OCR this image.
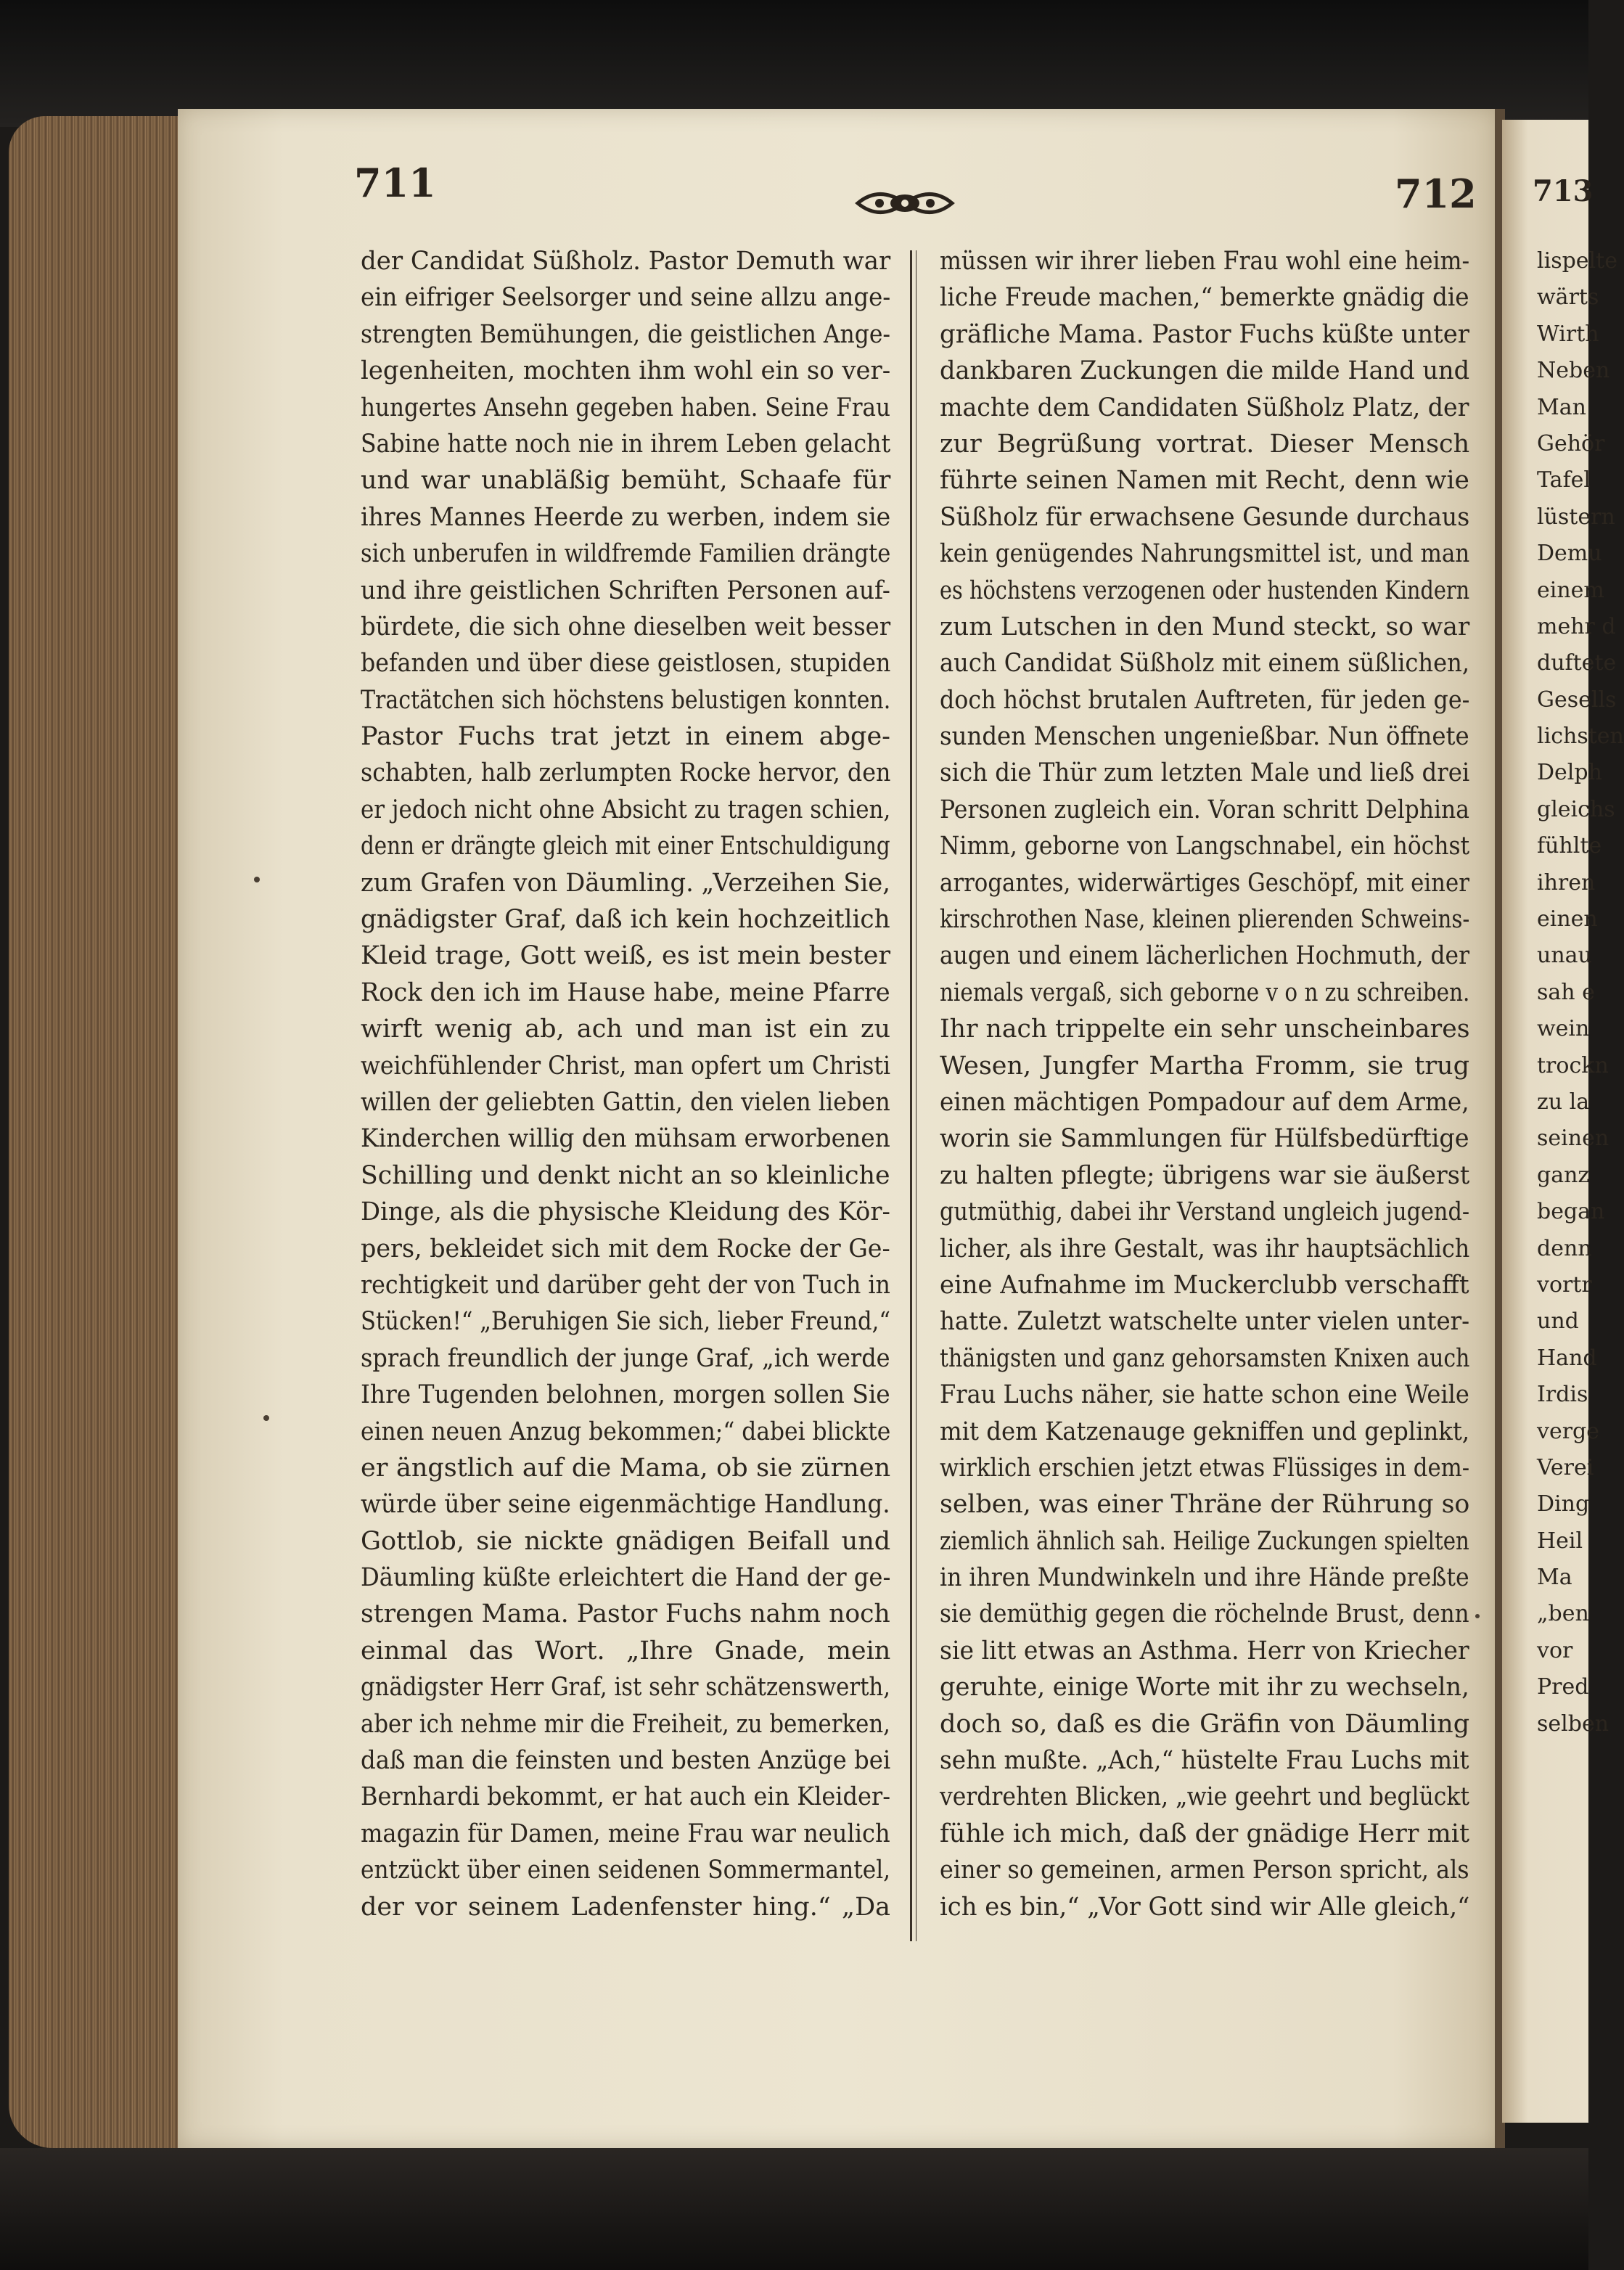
711	712 713
der Candidat Süßholz. Pastor Demuth war
ein eifriger Seelsorger und seine allzu ange-
strengten Bemühungen, die geistlichen Ange-
legenheiten, mochten ihm wohl ein so ver-
hungertes Ansehn gegeben haben. Seine Frau
Sabine hatte noch nie in ihrem Leben gelacht
und war unabläßig bemüht, Schaafe für
ihres Mannes Heerde zu werben, indem sie
sich unberufen in wildfremde Familien drängte
und ihre geistlichen Schriften Personen auf-
bürdete, die sich ohne dieselben weit besser
befanden und über diese geistlosen, stupiden
Tractätchen sich höchstens belustigen konnten.
Pastor Fuchs trat jetzt in einem abge-
schabten, halb zerlumpten Rocke hervor, den
er jedoch nicht ohne Absicht zu tragen schien,
denn er drängte gleich mit einer Entschuldigung
zum Grafen von Däumling. „Verzeihen Sie,
gnädigster Graf, daß ich kein hochzeitlich
Kleid trage, Gott weiß, es ist mein bester
Rock den ich im Hause habe, meine Pfarre
wirft wenig ab, ach und man ist ein zu
weichfühlender Christ, man opfert um Christi
willen der geliebten Gattin, den vielen lieben
Kinderchen willig den mühsam erworbenen
Schilling und denkt nicht an so kleinliche
Dinge, als die physische Kleidung des Kör-
pers, bekleidet sich mit dem Rocke der Ge-
rechtigkeit und darüber geht der von Tuch in
Stücken!“ „Beruhigen Sie sich, lieber Freund,“
sprach freundlich der junge Graf, „ich werde
Ihre Tugenden belohnen, morgen sollen Sie
einen neuen Anzug bekommen;“ dabei blickte
er ängstlich auf die Mama, ob sie zürnen
würde über seine eigenmächtige Handlung.
Gottlob, sie nickte gnädigen Beifall und
Däumling küßte erleichtert die Hand der ge-
strengen Mama. Pastor Fuchs nahm noch
einmal das Wort. „Ihre Gnade, mein
gnädigster Herr Graf, ist sehr schätzenswerth,
aber ich nehme mir die Freiheit, zu bemerken,
daß man die feinsten und besten Anzüge bei
Bernhardi bekommt, er hat auch ein Kleider-
magazin für Damen, meine Frau war neulich
entzückt über einen seidenen Sommermantel,
der vor seinem Ladenfenster hing.“ „Da
müssen wir ihrer lieben Frau wohl eine heim-
liche Freude machen,“ bemerkte gnädig die
gräfliche Mama. Pastor Fuchs küßte unter
dankbaren Zuckungen die milde Hand und
machte dem Candidaten Süßholz Platz, der
zur Begrüßung vortrat. Dieser Mensch
führte seinen Namen mit Recht, denn wie
Süßholz für erwachsene Gesunde durchaus
kein genügendes Nahrungsmittel ist, und man
es höchstens verzogenen oder hustenden Kindern
zum Lutschen in den Mund steckt, so war
auch Candidat Süßholz mit einem süßlichen,
doch höchst brutalen Auftreten, für jeden ge-
sunden Menschen ungenießbar. Nun öffnete
sich die Thür zum letzten Male und ließ drei
Personen zugleich ein. Voran schritt Delphina
Nimm, geborne von Langschnabel, ein höchst
arrogantes, widerwärtiges Geschöpf, mit einer
kirschrothen Nase, kleinen plierenden Schweins-
augen und einem lächerlichen Hochmuth, der
niemals vergaß, sich geborne v o n zu schreiben.
Ihr nach trippelte ein sehr unscheinbares
Wesen, Jungfer Martha Fromm, sie trug
einen mächtigen Pompadour auf dem Arme,
worin sie Sammlungen für Hülfsbedürftige
zu halten pflegte; übrigens war sie äußerst
gutmüthig, dabei ihr Verstand ungleich jugend-
licher, als ihre Gestalt, was ihr hauptsächlich
eine Aufnahme im Muckerclubb verschafft
hatte. Zuletzt watschelte unter vielen unter-
thänigsten und ganz gehorsamsten Knixen auch
Frau Luchs näher, sie hatte schon eine Weile
mit dem Katzenauge gekniffen und geplinkt,
wirklich erschien jetzt etwas Flüssiges in dem-
selben, was einer Thräne der Rührung so
ziemlich ähnlich sah. Heilige Zuckungen spielten
in ihren Mundwinkeln und ihre Hände preßte
sie demüthig gegen die röchelnde Brust, denn
sie litt etwas an Asthma. Herr von Kriecher
geruhte, einige Worte mit ihr zu wechseln,
doch so, daß es die Gräfin von Däumling
sehn mußte. „Ach,“ hüstelte Frau Luchs mit
verdrehten Blicken, „wie geehrt und beglückt
fühle ich mich, daß der gnädige Herr mit
einer so gemeinen, armen Person spricht, als
ich es bin,“ „Vor Gott sind wir Alle gleich,“
lispelte
wärts
Wirth
Neben
Man
Gehör
Tafel
lüstern
Demu
einem
mehr d
duftete
Gesells
lichsten
Delph
gleichs
fühlte
ihren
einen
unau
sah e
wein
trockn
zu la
seinen
ganz
began
denn
vortr
und
Hand
Irdis
verge
Verei
Ding
Heil
Ma
„ben
vor
Pred
selben
